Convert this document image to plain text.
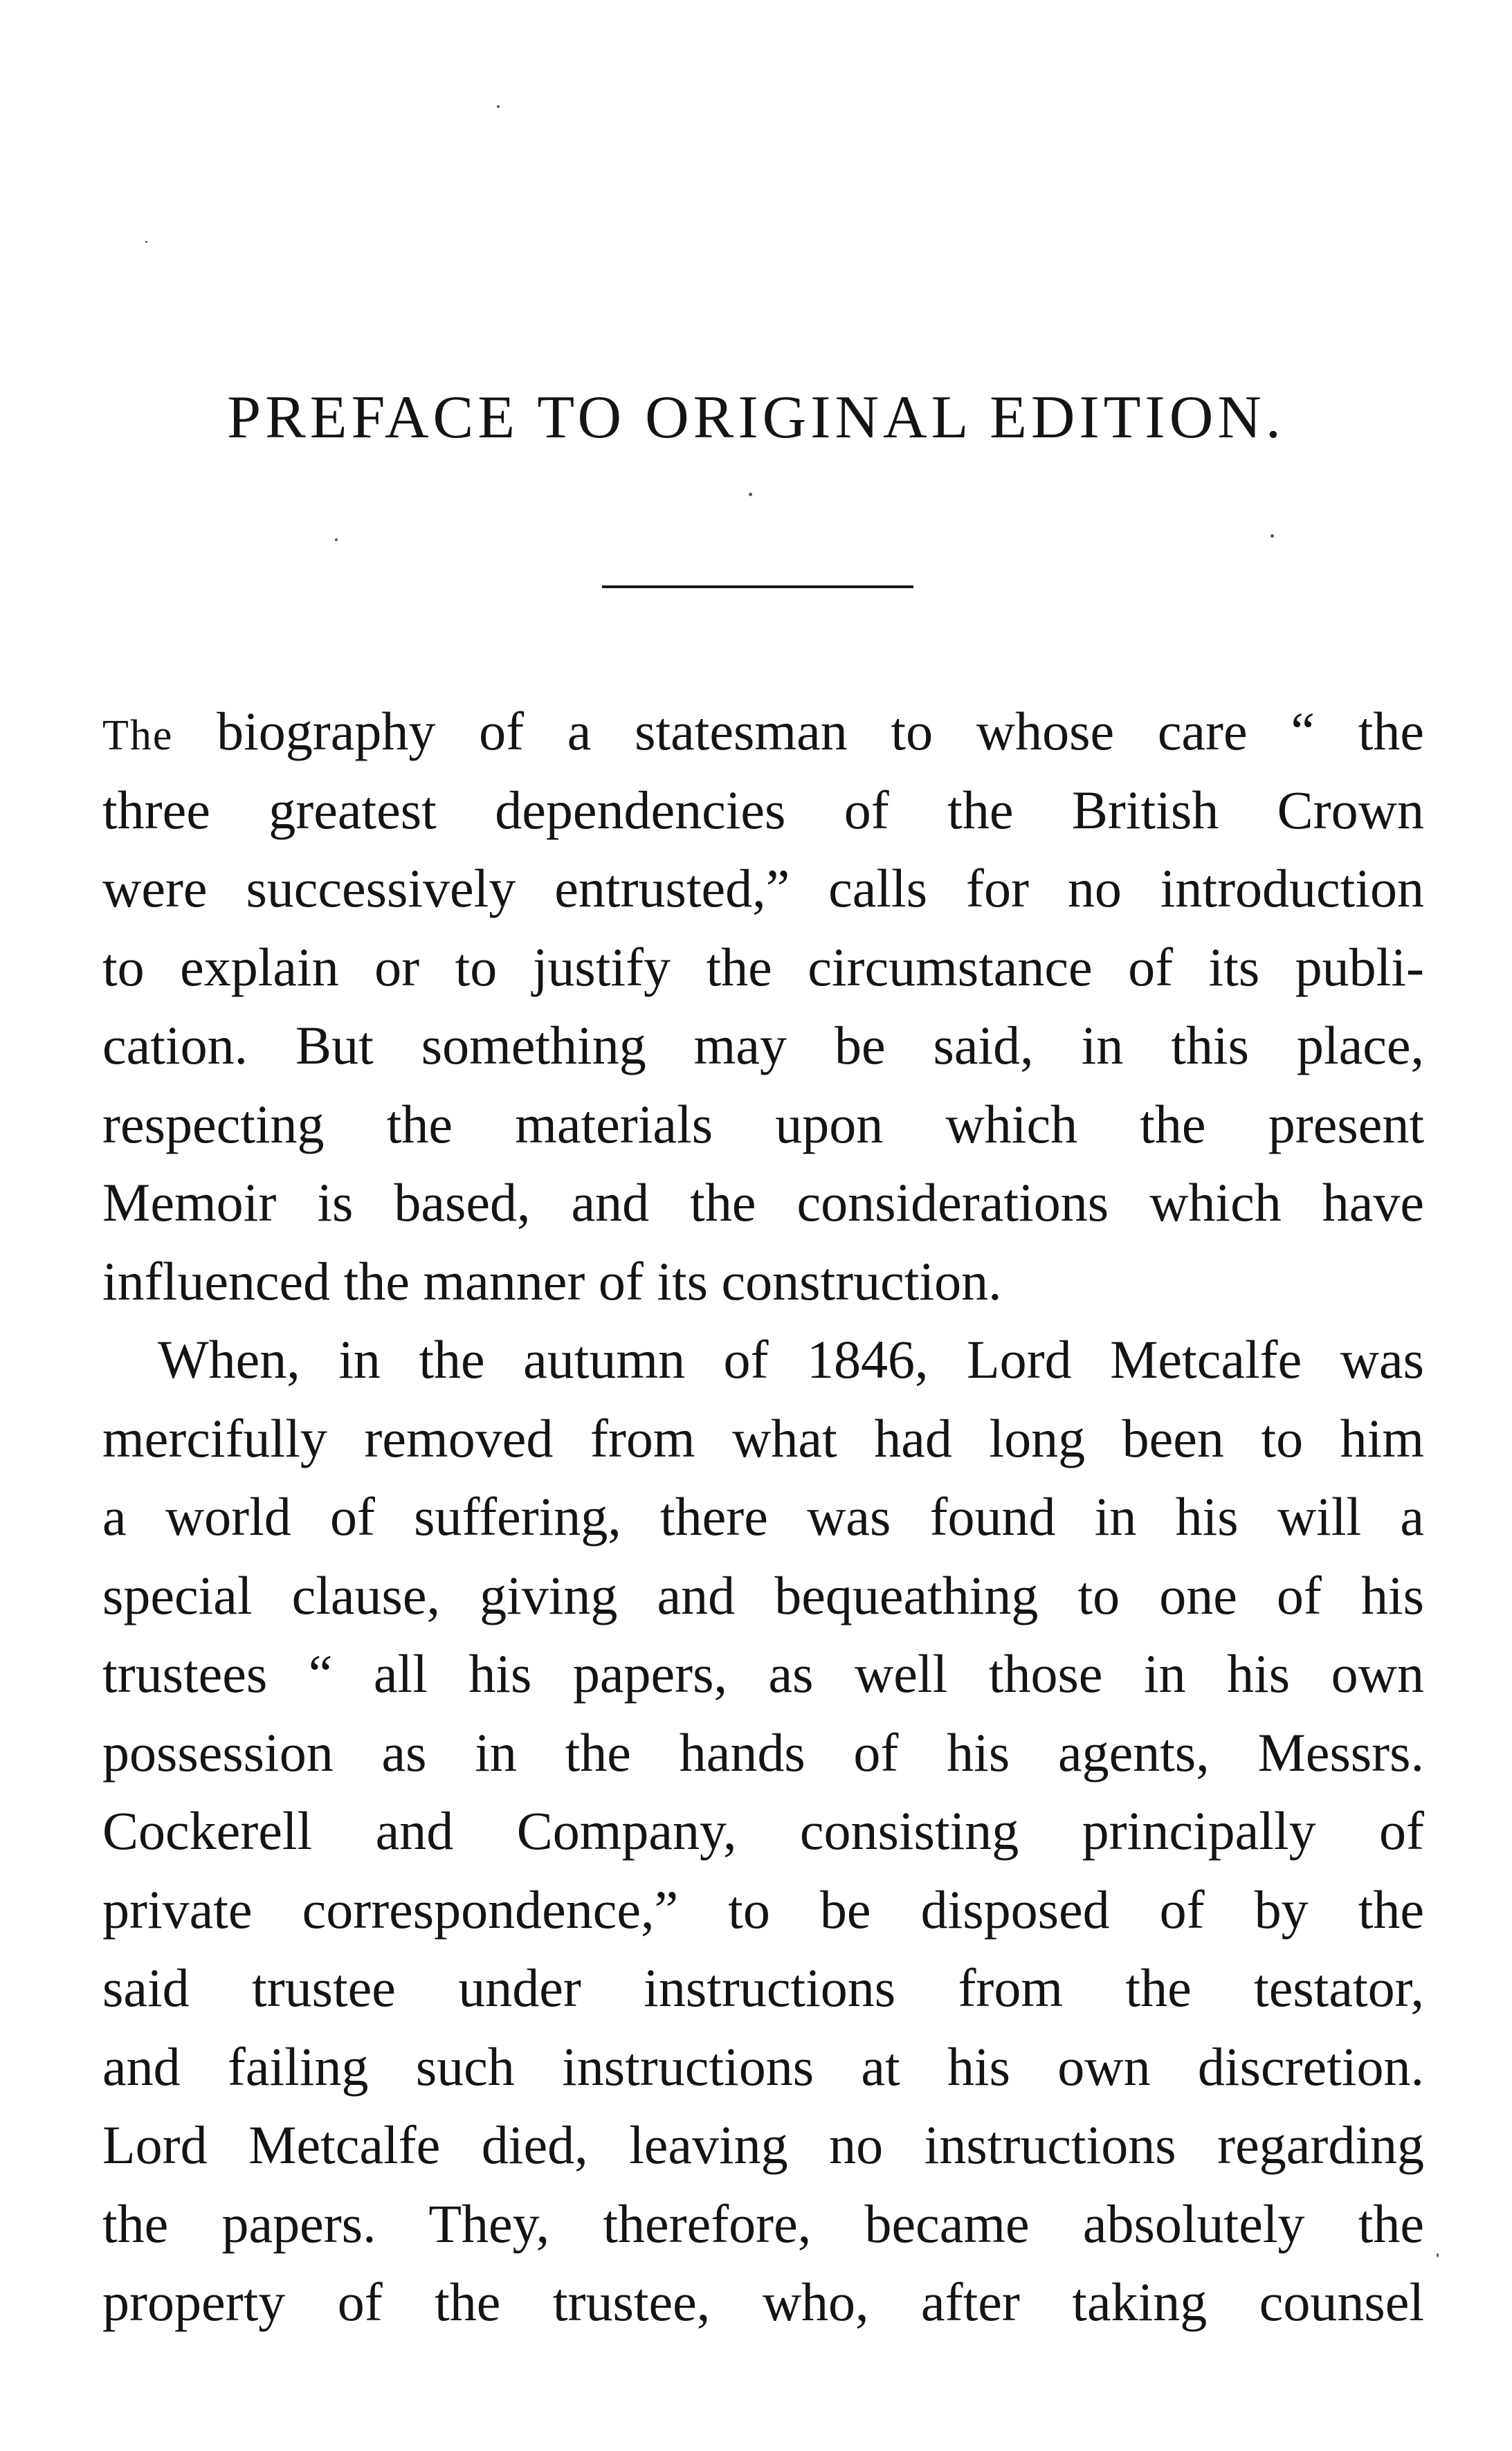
PREFACE TO ORIGINAL EDITION.
The biography of a statesman to whose care “ the
three greatest dependencies of the British Crown
were successively entrusted,” calls for no introduction
to explain or to justify the circumstance of its publi-
cation. But something may be said, in this place,
respecting the materials upon which the present
Memoir is based, and the considerations which have
influenced the manner of its construction.
When, in the autumn of 1846, Lord Metcalfe was
mercifully removed from what had long been to him
a world of suffering, there was found in his will a
special clause, giving and bequeathing to one of his
trustees “ all his papers, as well those in his own
possession as in the hands of his agents, Messrs.
Cockerell and Company, consisting principally of
private correspondence,” to be disposed of by the
said trustee under instructions from the testator,
and failing such instructions at his own discretion.
Lord Metcalfe died, leaving no instructions regarding
the papers. They, therefore, became absolutely the
property of the trustee, who, after taking counsel
